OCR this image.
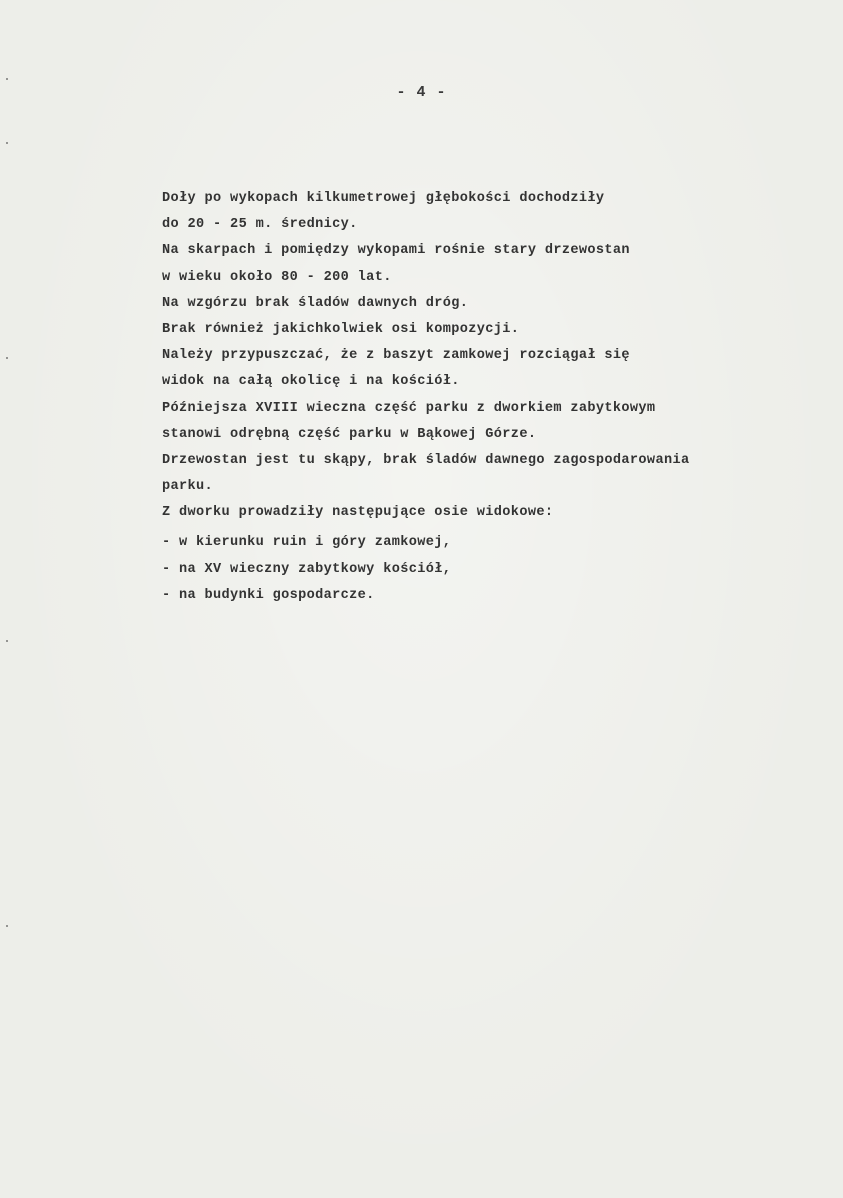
- 4 -
Doły po wykopach kilkumetrowej głębokości dochodziły
do 20 - 25 m. średnicy.
Na skarpach i pomiędzy wykopami rośnie stary drzewostan
w wieku około 80 - 200 lat.
Na wzgórzu brak śladów dawnych dróg.
Brak również jakichkolwiek osi kompozycji.
Należy przypuszczać, że z baszyt zamkowej rozciągał się
widok na całą okolicę i na kościół.
Późniejsza XVIII wieczna część parku z dworkiem zabytkowym
stanowi odrębną część parku w Bąkowej Górze.
Drzewostan jest tu skąpy, brak śladów dawnego zagospodarowania
parku.
Z dworku prowadziły następujące osie widokowe:
- w kierunku ruin i góry zamkowej,
- na XV wieczny zabytkowy kościół,
- na budynki gospodarcze.
